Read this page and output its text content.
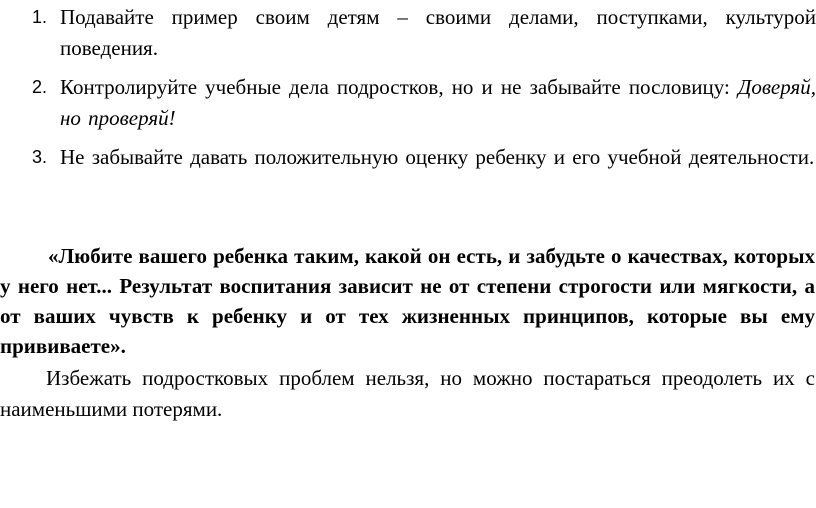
1. Подавайте пример своим детям – своими делами, поступками, культурой поведения.
2. Контролируйте учебные дела подростков, но и не забывайте пословицу: Доверяй, но проверяй!
3. Не забывайте давать положительную оценку ребенку и его учебной деятельности.

«Любите вашего ребенка таким, какой он есть, и забудьте о качествах, которых у него нет... Результат воспитания зависит не от степени строгости или мягкости, а от ваших чувств к ребенку и от тех жизненных принципов, которые вы ему прививаете».

Избежать подростковых проблем нельзя, но можно постараться преодолеть их с наименьшими потерями.
